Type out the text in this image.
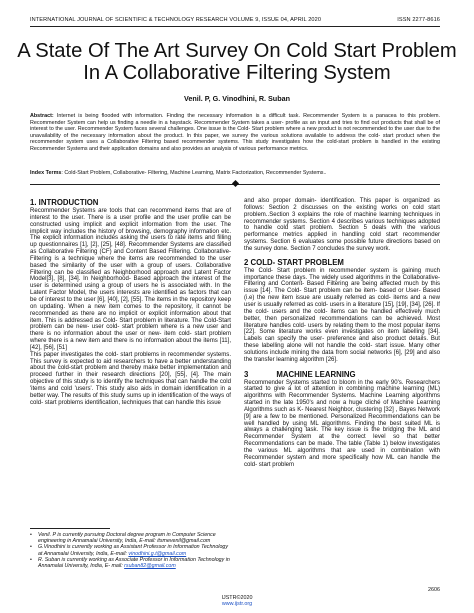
INTERNATIONAL JOURNAL OF SCIENTIFIC & TECHNOLOGY RESEARCH VOLUME 9, ISSUE 04, APRIL 2020	ISSN 2277-8616
A State Of The Art Survey On Cold Start Problem In A Collaborative Filtering System
Venil. P, G. Vinodhini, R. Suban
Abstract: Internet is being flooded with information. Finding the necessary information is a difficult task. Recommender System is a panacea to this problem. Recommender System can help us finding a needle in a haystack. Recommender System takes a user- profile as an input and tries to find out products that shall be of interest to the user. Recommender System faces several challenges. One issue is the Cold- Start problem where a new product is not recommended to the user due to the unavailability of the necessary information about the product. In this paper, we survey the various solutions available to address the cold- start product when the recommender system uses a Collaborative Filtering based recommender systems. This study investigates how the cold-start problem is handled in the existing Recommender Systems and their application domains and also provides an analysis of various performance metrics.
Index Terms: Cold-Start Problem, Collaborative- Filtering, Machine Learning, Matrix Factorization, Recommender Systems..
1. INTRODUCTION

Recommender Systems are tools that can recommend items that are of interest to the user. There is a user profile and the user profile can be constructed using implicit and explicit information from the user. The implicit way includes the history of browsing, demography information etc. The explicit information includes asking the users to rate items and filling up questionnaires [1], [2], [25], [48]. Recommender Systems are classified as Collaborative Filtering (CF) and Content Based Filtering. Collaborative- Filtering is a technique where the items are recommended to the user based the similarity of the user with a group of users. Collaborative Filtering can be classified as Neighborhood approach and Latent Factor Model[3], [8], [34]. In Neighborhood- Based approach the interest of the user is determined using a group of users he is associated with. In the Latent Factor Model, the users interests are identified as factors that can be of interest to the user [6], [40], [2], [55]. The items in the repository keep on updating. When a new item comes to the repository, it cannot be recommended as there are no implicit or explicit information about that item. This is addressed as Cold- Start problem in literature. The Cold-Start problem can be new- user cold- start problem where is a new user and there is no information about the user or new- item cold- start problem where there is a new item and there is no information about the items [11], [42], [56], [51]

This paper investigates the cold- start problems in recommender systems. This survey is expected to aid researchers to have a better understanding about the cold-start problem and thereby make better implementation and proceed further in their research directions [20], [55], [4]. The main objective of this study is to identify the techniques that can handle the cold 'items and cold 'users'. This study also aids in domain identification in a better way. The results of this study sums up in identification of the ways of cold- start problems identification, techniques that can handle this issue

and also proper domain- identification. This paper is organized as follows: Section 2 discusses on the existing works on cold start problem..Section 3 explains the role of machine learning techniques in recommender systems. Section 4 describes various techniques adopted to handle cold start problem. Section 5 deals with the various performance metrics applied in handling cold start recommender systems. Section 6 evaluates some possible future directions based on the survey done. Section 7 concludes the survey work.

2 COLD- START PROBLEM

The Cold- Start problem in recommender system is gaining much importance these days. The widely used algorithms in the Collaborative- Filtering and Content- Based Filtering are being affected much by this issue [14]. The Cold- Start problem can be item- based or User- Based (i.e) the new item issue are usually referred as cold- items and a new user is usually referred as cold- users in a literature [15], [19], [34], [26]. If the cold- users and the cold- items can be handled effectively much better, then personalized recommendations can be achieved. Most literature handles cold- users by relating them to the most popular items [22]. Some literature works even investigates on item labelling [34]. Labels can specify the user- preference and also product details. But these labelling alone will not handle the cold- start issue. Many other solutions include mining the data from social networks [6], [29] and also the transfer learning algorithm [26].

3	MACHINE LEARNING

Recommender Systems started to bloom in the early 90's. Researchers started to give a lot of attention in combining machine learning (ML) algorithms with Recommender Systems. Machine Learning algorithms started in the late 1950's and now a huge cliché of Machine Learning Algorithms such as K- Nearest Neighbor, clustering [32] , Bayes Network [9] are a few to be mentioned. Personalized Recommendations can be well handled by using ML algorithms. Finding the best suited ML is always a challenging task. The key issue is the bridging the ML and Recommender System at the correct level so that better Recommendations can be made. The table (Table 1) below investigates the various ML algorithms that are used in combination with Recommender system and more specifically how ML can handle the cold- start problem

•	Venil. P is currently pursuing Doctoral degree program in Computer Science engineering in Annamalai University, India, E-mail: itsmevenil@gmail.com
•	G.Vinodhini is currently working as Assistant Professor in Information Technology at Annamalai University, India, E-mail: vinodhini.g.t@gmail.com
•	R. Suban is currently working as Associate Professor in Information Technology in Annamalai University, India, E- mail: rsuban82@gmail.com
2606
IJSTR©2020
www.ijstr.org
